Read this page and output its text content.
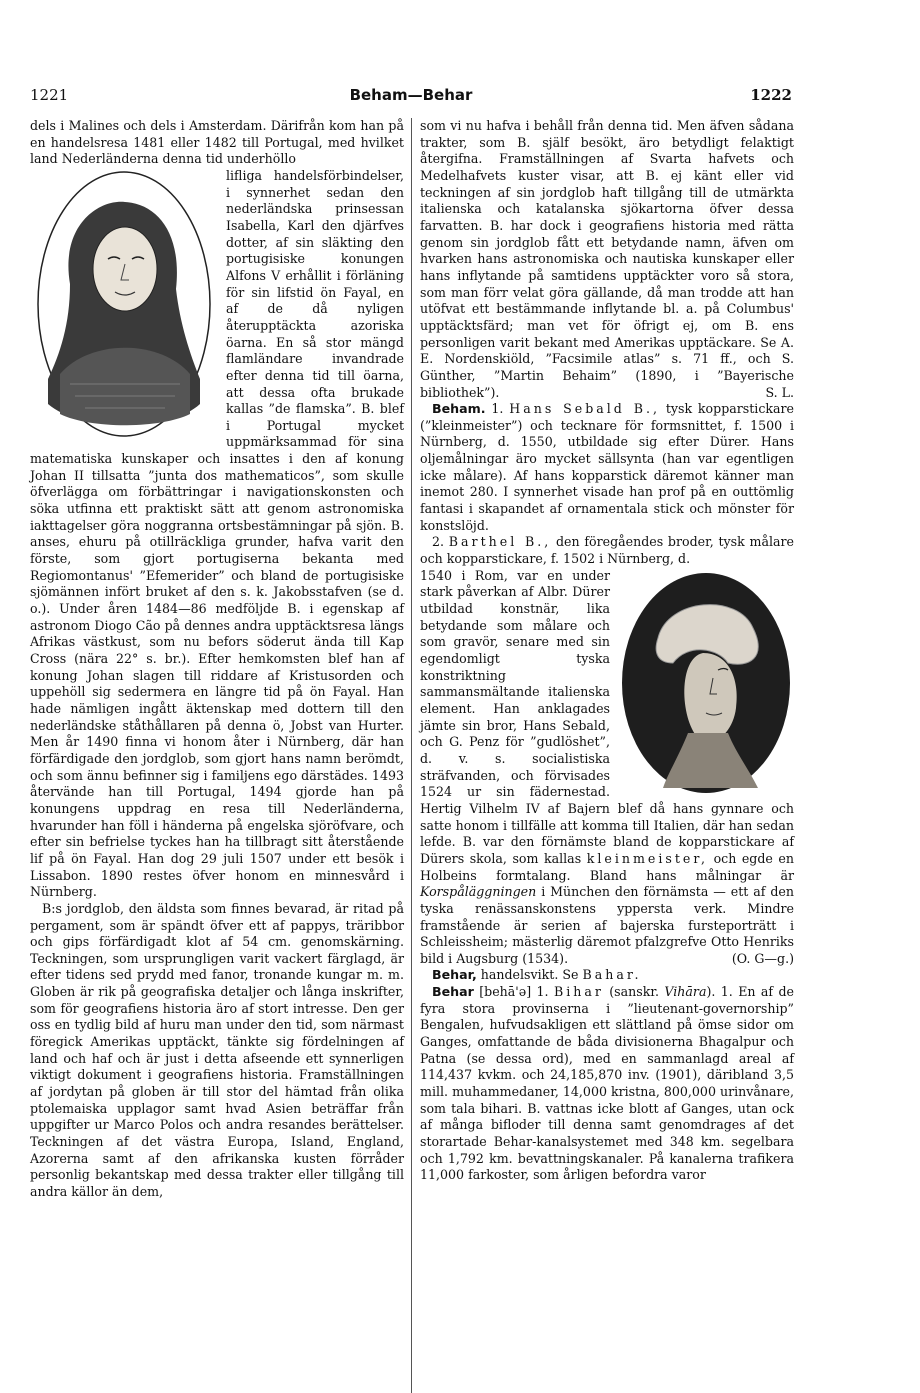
1221	Beham—Behar	1222

dels i Malines och dels i Amsterdam. Därifrån kom han på en handelsresa 1481 eller 1482 till Portugal, med hvilket land Nederländerna denna tid underhöllo

lifliga handelsförbindelser, i synnerhet sedan den nederländska prinsessan Isabella, Karl den djärfves dotter, af sin släkting den portugisiske konungen Alfons V erhållit i förläning för sin lifstid ön Fayal, en af de då nyligen återupptäckta azoriska öarna. En så stor mängd flamländare invandrade efter denna tid till öarna, att dessa ofta brukade kallas ”de flamska”. B. blef i Portugal mycket uppmärksammad för sina matematiska kunskaper och insattes i den af konung Johan II tillsatta ”junta dos mathematicos”, som skulle öfverlägga om förbättringar i navigationskonsten och söka utfinna ett praktiskt sätt att genom astronomiska iakttagelser göra noggranna ortsbestämningar på sjön. B. anses, ehuru på otillräckliga grunder, hafva varit den förste, som gjort portugiserna bekanta med Regiomontanus' ”Efemerider” och bland de portugisiske sjömännen infört bruket af den s. k. Jakobsstafven (se d. o.). Under åren 1484—86 medföljde B. i egenskap af astronom Diogo Cão på dennes andra upptäcktsresa längs Afrikas västkust, som nu befors söderut ända till Kap Cross (nära 22° s. br.). Efter hemkomsten blef han af konung Johan slagen till riddare af Kristusorden och uppehöll sig sedermera en längre tid på ön Fayal. Han hade nämligen ingått äktenskap med dottern till den nederländske ståthållaren på denna ö, Jobst van Hurter. Men år 1490 finna vi honom åter i Nürnberg, där han förfärdigade den jordglob, som gjort hans namn berömdt, och som ännu befinner sig i familjens ego därstädes. 1493 återvände han till Portugal, 1494 gjorde han på konungens uppdrag en resa till Nederländerna, hvarunder han föll i händerna på engelska sjöröfvare, och efter sin befrielse tyckes han ha tillbragt sitt återstående lif på ön Fayal. Han dog 29 juli 1507 under ett besök i Lissabon. 1890 restes öfver honom en minnesvård i Nürnberg.

B:s jordglob, den äldsta som finnes bevarad, är ritad på pergament, som är spändt öfver ett af pappys, träribbor och gips förfärdigadt klot af 54 cm. genomskärning. Teckningen, som ursprungligen varit vackert färglagd, är efter tidens sed prydd med fanor, tronande kungar m. m. Globen är rik på geografiska detaljer och långa inskrifter, som för geografiens historia äro af stort intresse. Den ger oss en tydlig bild af huru man under den tid, som närmast föregick Amerikas upptäckt, tänkte sig fördelningen af land och haf och är just i detta afseende ett synnerligen viktigt dokument i geografiens historia. Framställningen af jordytan på globen är till stor del hämtad från olika ptolemaiska upplagor samt hvad Asien beträffar från uppgifter ur Marco Polos och andra resandes berättelser. Teckningen af det västra Europa, Island, England, Azorerna samt af den afrikanska kusten förråder personlig bekantskap med dessa trakter eller tillgång till andra källor än dem,

som vi nu hafva i behåll från denna tid. Men äfven sådana trakter, som B. själf besökt, äro betydligt felaktigt återgifna. Framställningen af Svarta hafvets och Medelhafvets kuster visar, att B. ej känt eller vid teckningen af sin jordglob haft tillgång till de utmärkta italienska och katalanska sjökartorna öfver dessa farvatten. B. har dock i geografiens historia med rätta genom sin jordglob fått ett betydande namn, äfven om hvarken hans astronomiska och nautiska kunskaper eller hans inflytande på samtidens upptäckter voro så stora, som man förr velat göra gällande, då man trodde att han utöfvat ett bestämmande inflytande bl. a. på Columbus' upptäcktsfärd; man vet för öfrigt ej, om B. ens personligen varit bekant med Amerikas upptäckare. Se A. E. Nordenskiöld, ”Facsimile atlas” s. 71 ff., och S. Günther, ”Martin Behaim” (1890, i ”Bayerische bibliothek”).	S. L.

Beham. 1. Hans Sebald B., tysk kopparstickare (”kleinmeister”) och tecknare för formsnittet, f. 1500 i Nürnberg, d. 1550, utbildade sig efter Dürer. Hans oljemålningar äro mycket sällsynta (han var egentligen icke målare). Af hans kopparstick däremot känner man inemot 280. I synnerhet visade han prof på en outtömlig fantasi i skapandet af ornamentala stick och mönster för konstslöjd.

2. Barthel B., den föregåendes broder, tysk målare och kopparstickare, f. 1502 i Nürnberg, d.

1540 i Rom, var en under stark påverkan af Albr. Dürer utbildad konstnär, lika betydande som målare och som gravör, senare med sin egendomligt tyska konstriktning sammansmältande italienska element. Han anklagades jämte sin bror, Hans Sebald, och G. Penz för ”gudlöshet”, d. v. s. socialistiska sträfvanden, och förvisades 1524 ur sin fädernestad. Hertig Vilhelm IV af Bajern blef då hans gynnare och satte honom i tillfälle att komma till Italien, där han sedan lefde. B. var den förnämste bland de kopparstickare af Dürers skola, som kallas kleinmeister, och egde en Holbeins formtalang. Bland hans målningar är Korspåläggningen i München den förnämsta — ett af den tyska renässanskonstens yppersta verk. Mindre framstående är serien af bajerska fursteporträtt i Schleissheim; mästerlig däremot pfalzgrefve Otto Henriks bild i Augsburg (1534).	(O. G—g.)

Behar, handelsvikt. Se Bahar.

Behar [behā'ə] 1. Bihar (sanskr. Vihāra). 1. En af de fyra stora provinserna i ”lieutenant-governorship” Bengalen, hufvudsakligen ett slättland på ömse sidor om Ganges, omfattande de båda divisionerna Bhagalpur och Patna (se dessa ord), med en sammanlagd areal af 114,437 kvkm. och 24,185,870 inv. (1901), däribland 3,5 mill. muhammedaner, 14,000 kristna, 800,000 urinvånare, som tala bihari. B. vattnas icke blott af Ganges, utan ock af många bifloder till denna samt genomdrages af det storartade Behar-kanalsystemet med 348 km. segelbara och 1,792 km. bevattningskanaler. På kanalerna trafikera 11,000 farkoster, som årligen befordra varor
